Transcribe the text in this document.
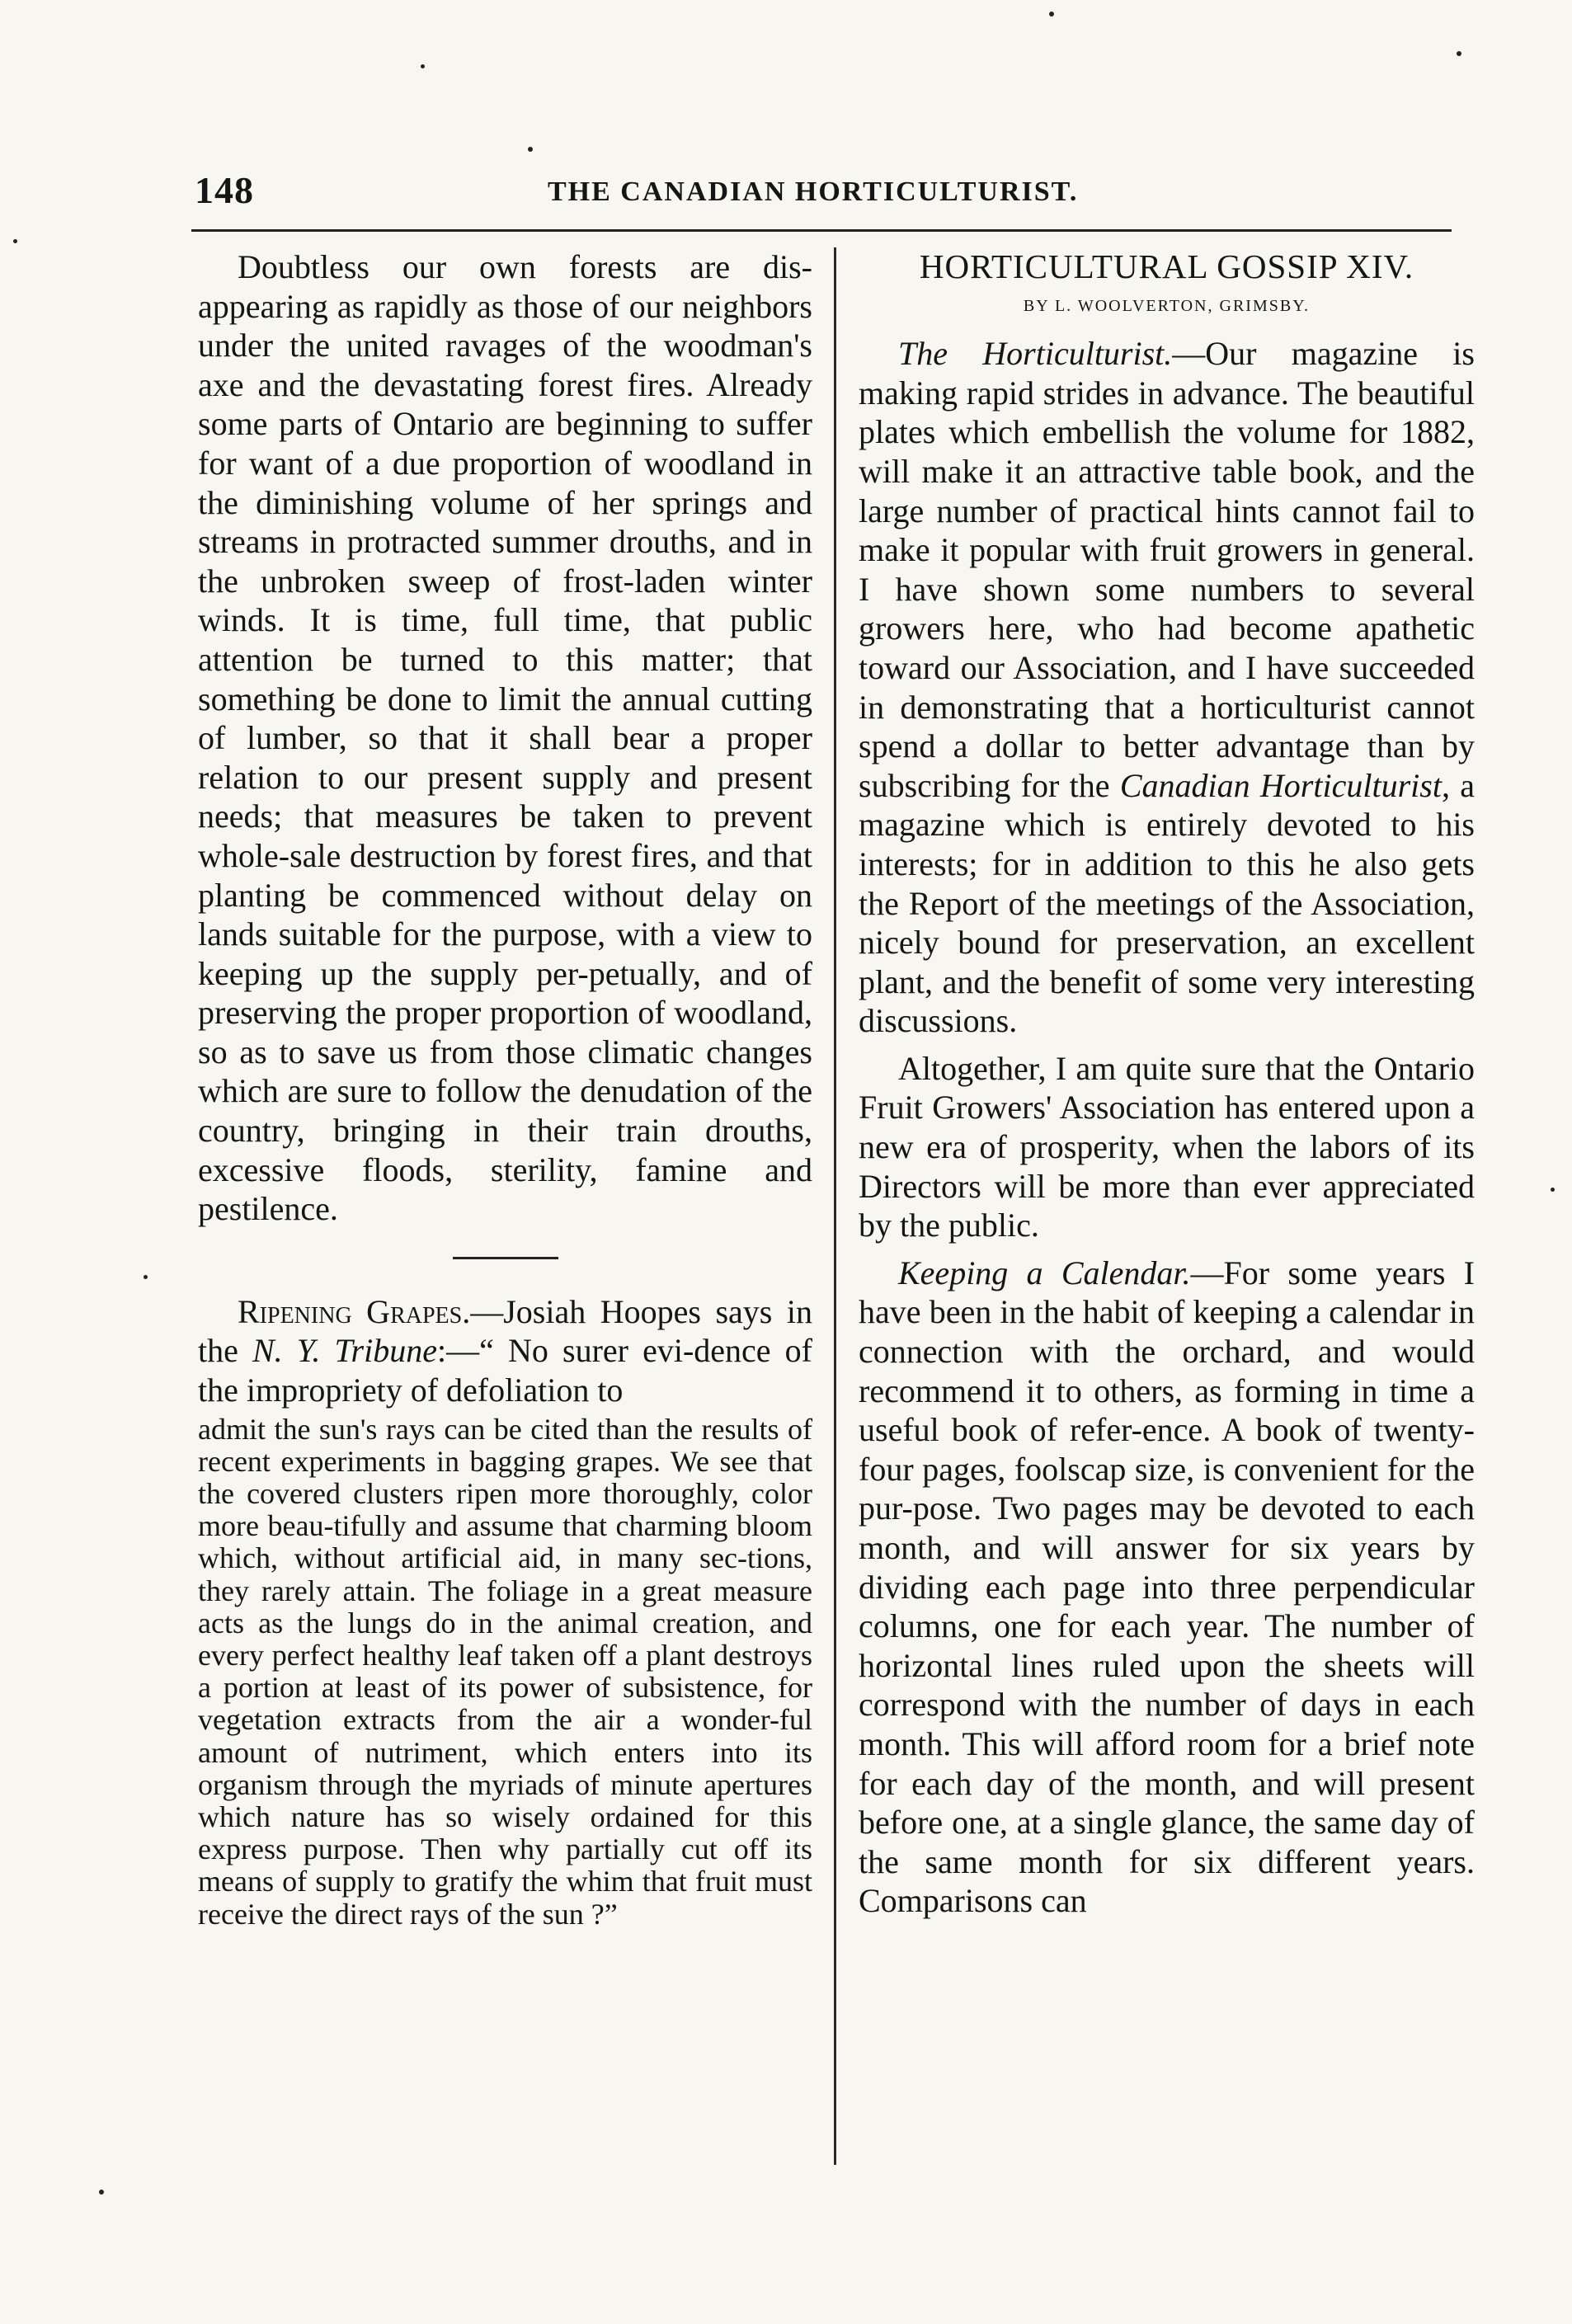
148	THE CANADIAN HORTICULTURIST.

Doubtless our own forests are dis-appearing as rapidly as those of our neighbors under the united ravages of the woodman's axe and the devastating forest fires. Already some parts of Ontario are beginning to suffer for want of a due proportion of woodland in the diminishing volume of her springs and streams in protracted summer drouths, and in the unbroken sweep of frost-laden winter winds. It is time, full time, that public attention be turned to this matter; that something be done to limit the annual cutting of lumber, so that it shall bear a proper relation to our present supply and present needs; that measures be taken to prevent whole-sale destruction by forest fires, and that planting be commenced without delay on lands suitable for the purpose, with a view to keeping up the supply per-petually, and of preserving the proper proportion of woodland, so as to save us from those climatic changes which are sure to follow the denudation of the country, bringing in their train drouths, excessive floods, sterility, famine and pestilence.

Ripening Grapes.—Josiah Hoopes says in the N. Y. Tribune:—“ No surer evi-dence of the impropriety of defoliation to

admit the sun's rays can be cited than the results of recent experiments in bagging grapes. We see that the covered clusters ripen more thoroughly, color more beau-tifully and assume that charming bloom which, without artificial aid, in many sec-tions, they rarely attain. The foliage in a great measure acts as the lungs do in the animal creation, and every perfect healthy leaf taken off a plant destroys a portion at least of its power of subsistence, for vegetation extracts from the air a wonder-ful amount of nutriment, which enters into its organism through the myriads of minute apertures which nature has so wisely ordained for this express purpose. Then why partially cut off its means of supply to gratify the whim that fruit must receive the direct rays of the sun ?”

HORTICULTURAL GOSSIP XIV.

BY L. WOOLVERTON, GRIMSBY.

The Horticulturist.—Our magazine is making rapid strides in advance. The beautiful plates which embellish the volume for 1882, will make it an attractive table book, and the large number of practical hints cannot fail to make it popular with fruit growers in general. I have shown some numbers to several growers here, who had become apathetic toward our Association, and I have succeeded in demonstrating that a horticulturist cannot spend a dollar to better advantage than by subscribing for the Canadian Horticulturist, a magazine which is entirely devoted to his interests; for in addition to this he also gets the Report of the meetings of the Association, nicely bound for preservation, an excellent plant, and the benefit of some very interesting discussions.

Altogether, I am quite sure that the Ontario Fruit Growers' Association has entered upon a new era of prosperity, when the labors of its Directors will be more than ever appreciated by the public.

Keeping a Calendar.—For some years I have been in the habit of keeping a calendar in connection with the orchard, and would recommend it to others, as forming in time a useful book of refer-ence. A book of twenty-four pages, foolscap size, is convenient for the pur-pose. Two pages may be devoted to each month, and will answer for six years by dividing each page into three perpendicular columns, one for each year. The number of horizontal lines ruled upon the sheets will correspond with the number of days in each month. This will afford room for a brief note for each day of the month, and will present before one, at a single glance, the same day of the same month for six different years. Comparisons can
